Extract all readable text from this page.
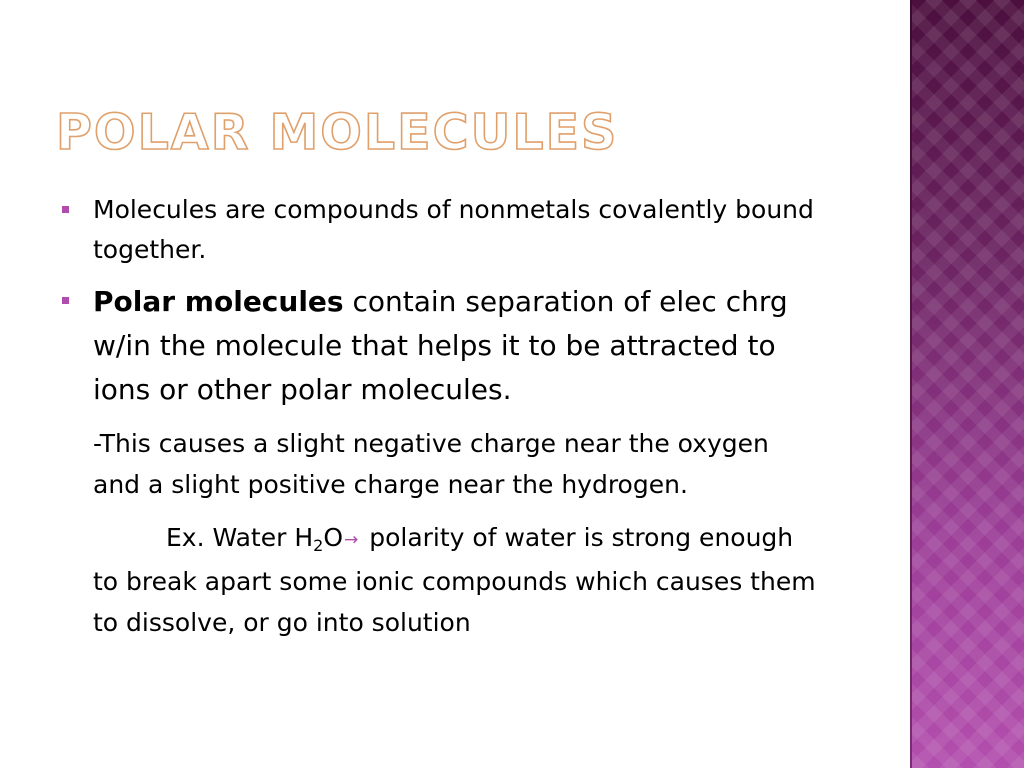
POLAR MOLECULES
Molecules are compounds of nonmetals covalently bound together.
Polar molecules contain separation of elec chrg w/in the molecule that helps it to be attracted to ions or other polar molecules.
-This causes a slight negative charge near the oxygen and a slight positive charge near the hydrogen.
Ex. Water $H_2O\to$ polarity of water is strong enough to break apart some ionic compounds which causes them to dissolve, or go into solution
